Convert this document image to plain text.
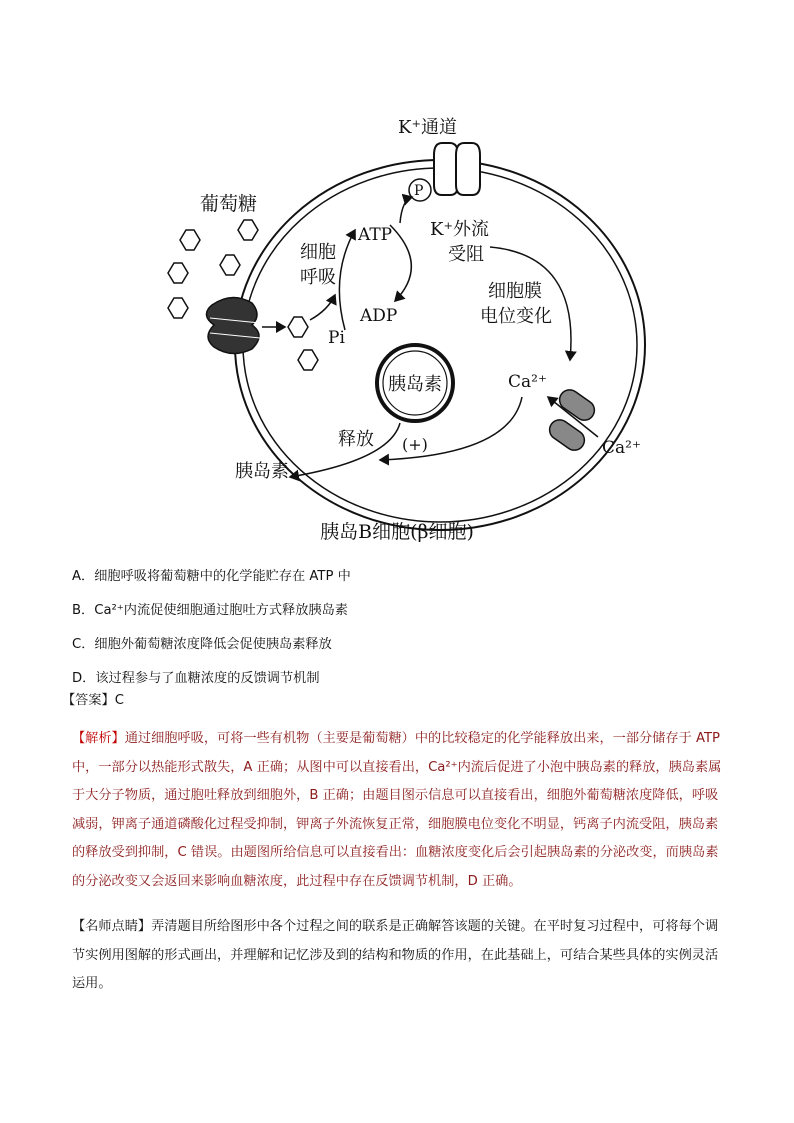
K⁺通道
P
葡萄糖
细胞
呼吸
ATP
ADP
Pi
K⁺外流
受阻
细胞膜
电位变化
Ca²⁺
Ca²⁺
胰岛素
(+)
释放
胰岛素
胰岛B细胞(β细胞)
A．细胞呼吸将葡萄糖中的化学能贮存在 ATP 中
B．Ca²⁺内流促使细胞通过胞吐方式释放胰岛素
C．细胞外葡萄糖浓度降低会促使胰岛素释放
D．该过程参与了血糖浓度的反馈调节机制
【答案】C
【解析】通过细胞呼吸，可将一些有机物（主要是葡萄糖）中的比较稳定的化学能释放出来，一部分储存于 ATP 中，一部分以热能形式散失，A 正确；从图中可以直接看出，Ca²⁺内流后促进了小泡中胰岛素的释放，胰岛素属于大分子物质，通过胞吐释放到细胞外，B 正确；由题目图示信息可以直接看出，细胞外葡萄糖浓度降低，呼吸减弱，钾离子通道磷酸化过程受抑制，钾离子外流恢复正常，细胞膜电位变化不明显，钙离子内流受阻，胰岛素的释放受到抑制，C 错误。由题图所给信息可以直接看出：血糖浓度变化后会引起胰岛素的分泌改变，而胰岛素的分泌改变又会返回来影响血糖浓度，此过程中存在反馈调节机制，D 正确。
【名师点睛】弄清题目所给图形中各个过程之间的联系是正确解答该题的关键。在平时复习过程中，可将每个调节实例用图解的形式画出，并理解和记忆涉及到的结构和物质的作用，在此基础上，可结合某些具体的实例灵活运用。
